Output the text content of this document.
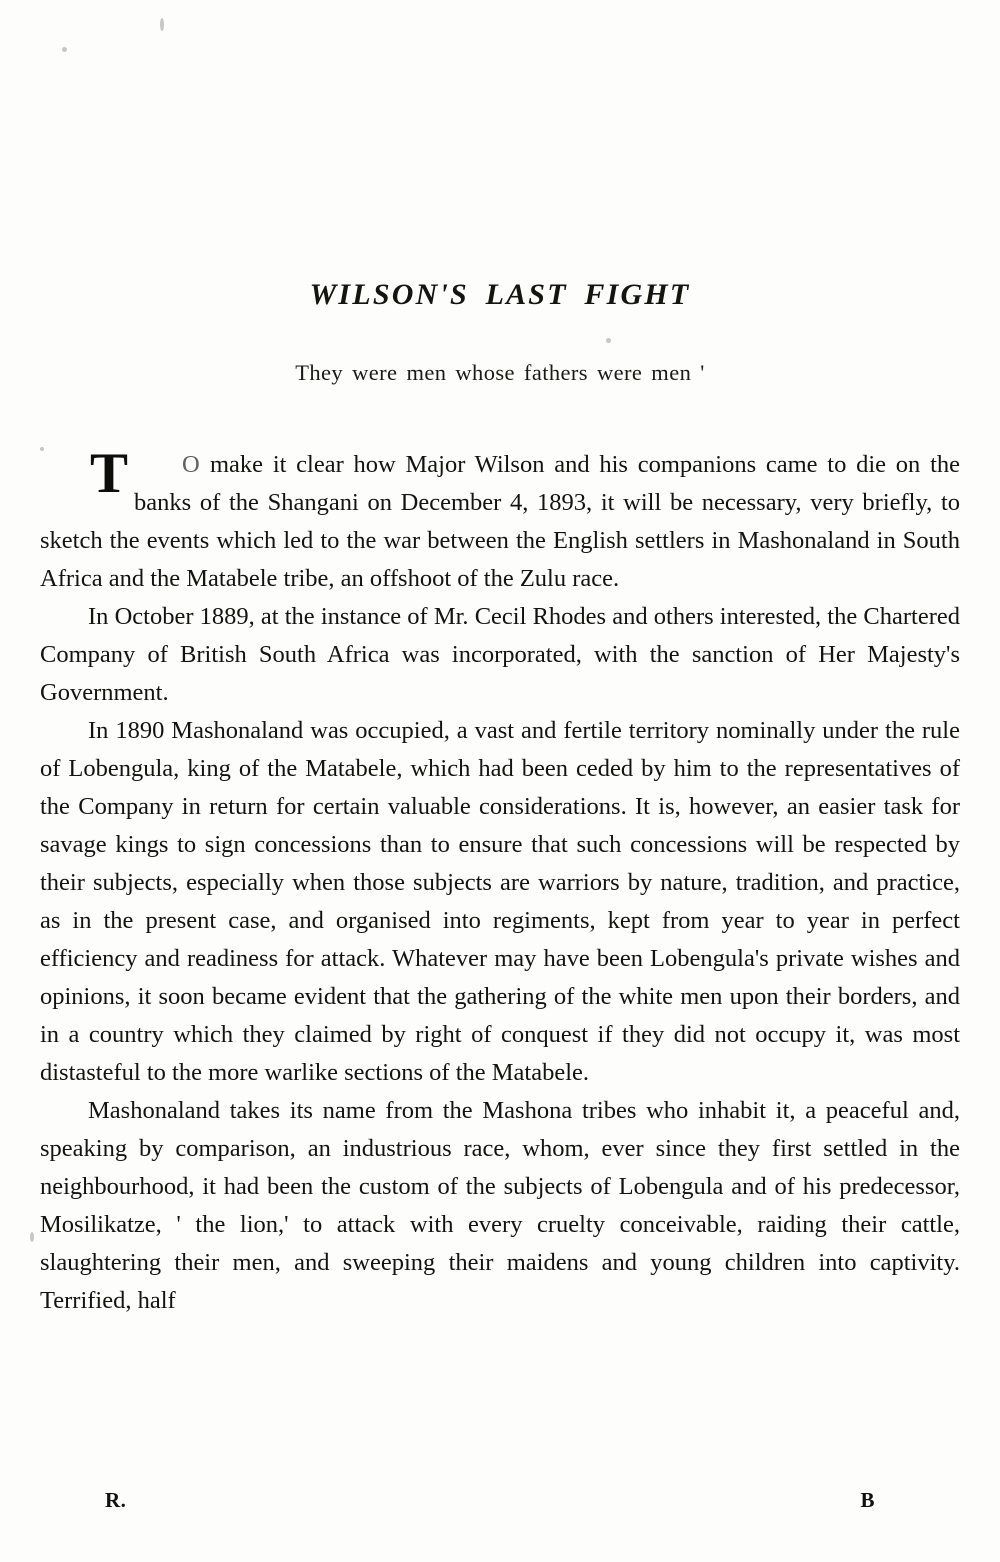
WILSON'S LAST FIGHT
They were men whose fathers were men '

T O make it clear how Major Wilson and his companions came to die on the banks of the Shangani on December 4, 1893, it will be necessary, very briefly, to sketch the events which led to the war between the English settlers in Mashonaland in South Africa and the Matabele tribe, an offshoot of the Zulu race.

In October 1889, at the instance of Mr. Cecil Rhodes and others interested, the Chartered Company of British South Africa was incorporated, with the sanction of Her Majesty's Government.

In 1890 Mashonaland was occupied, a vast and fertile territory nominally under the rule of Lobengula, king of the Matabele, which had been ceded by him to the representatives of the Company in return for certain valuable considerations. It is, however, an easier task for savage kings to sign concessions than to ensure that such concessions will be respected by their subjects, especially when those subjects are warriors by nature, tradition, and practice, as in the present case, and organised into regiments, kept from year to year in perfect efficiency and readiness for attack. Whatever may have been Lobengula's private wishes and opinions, it soon became evident that the gathering of the white men upon their borders, and in a country which they claimed by right of conquest if they did not occupy it, was most distasteful to the more warlike sections of the Matabele.

Mashonaland takes its name from the Mashona tribes who inhabit it, a peaceful and, speaking by comparison, an industrious race, whom, ever since they first settled in the neighbourhood, it had been the custom of the subjects of Lobengula and of his predecessor, Mosilikatze, ' the lion,' to attack with every cruelty conceivable, raiding their cattle, slaughtering their men, and sweeping their maidens and young children into captivity. Terrified, half

R.	B
